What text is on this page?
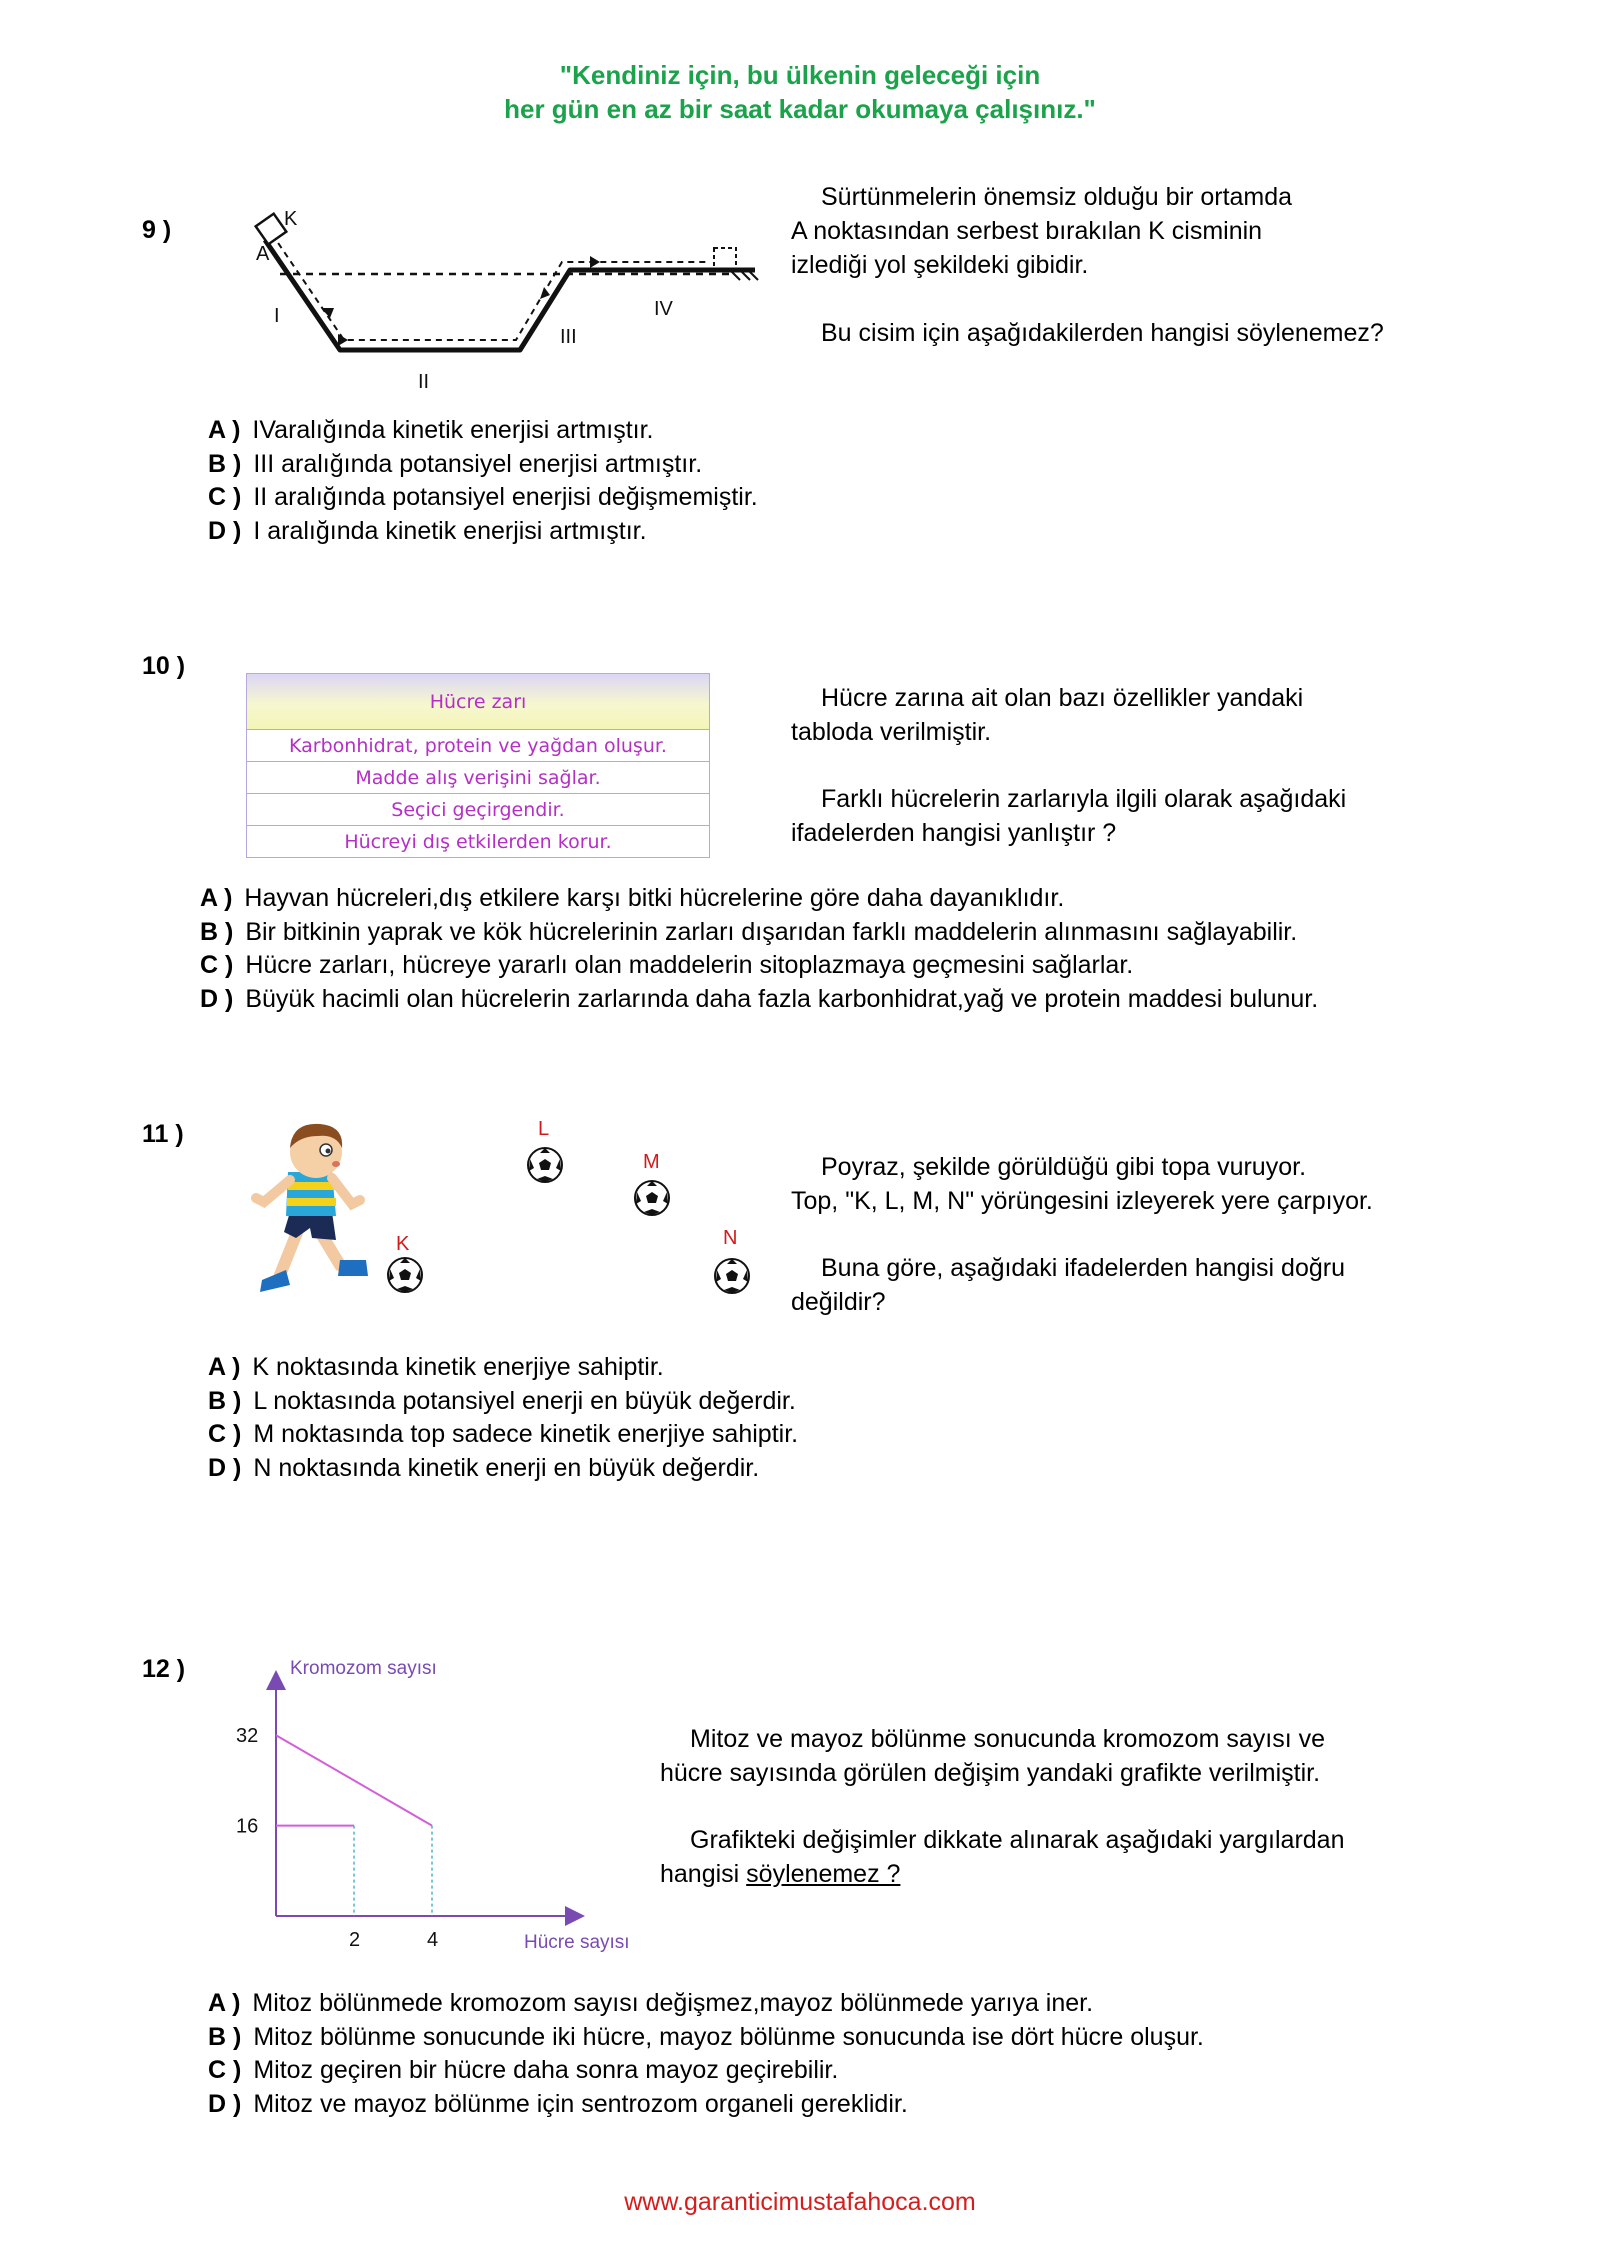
"Kendiniz için, bu ülkenin geleceği için
her gün en az bir saat kadar okumaya çalışınız."
9 )	K
A
I
II
III
IV

Sürtünmelerin önemsiz olduğu bir ortamda

A noktasından serbest bırakılan K cisminin

izlediği yol şekildeki gibidir.

Bu cisim için aşağıdakilerden hangisi söylenemez?

A ) IVaralığında kinetik enerjisi artmıştır.
B ) III aralığında potansiyel enerjisi artmıştır.
C ) II aralığında potansiyel enerjisi değişmemiştir.
D ) I aralığında kinetik enerjisi artmıştır.
10 )
Hücre zarı
Karbonhidrat, protein ve yağdan oluşur.
Madde alış verişini sağlar.
Seçici geçirgendir.
Hücreyi dış etkilerden korur.

Hücre zarına ait olan bazı özellikler yandaki

tabloda verilmiştir.

Farklı hücrelerin zarlarıyla ilgili olarak aşağıdaki

ifadelerden hangisi yanlıştır ?

A ) Hayvan hücreleri,dış etkilere karşı bitki hücrelerine göre daha dayanıklıdır.
B ) Bir bitkinin yaprak ve kök hücrelerinin zarları dışarıdan farklı maddelerin alınmasını sağlayabilir.
C ) Hücre zarları, hücreye yararlı olan maddelerin sitoplazmaya geçmesini sağlarlar.
D ) Büyük hacimli olan hücrelerin zarlarında daha fazla karbonhidrat,yağ ve protein maddesi bulunur.
11 )
K
L
M
N

Poyraz, şekilde görüldüğü gibi topa vuruyor.

Top, "K, L, M, N" yörüngesini izleyerek yere çarpıyor.

Buna göre, aşağıdaki ifadelerden hangisi doğru

değildir?

A ) K noktasında kinetik enerjiye sahiptir.
B ) L noktasında potansiyel enerji en büyük değerdir.
C ) M noktasında top sadece kinetik enerjiye sahiptir.
D ) N noktasında kinetik enerji en büyük değerdir.
12 )	Kromozom sayısı
Hücre sayısı
2	4
16
32	Mitoz ve mayoz bölünme sonucunda kromozom sayısı ve

hücre sayısında görülen değişim yandaki grafikte verilmiştir.

Grafikteki değişimler dikkate alınarak aşağıdaki yargılardan

hangisi söylenemez ?

A ) Mitoz bölünmede kromozom sayısı değişmez,mayoz bölünmede yarıya iner.
B ) Mitoz bölünme sonucunde iki hücre, mayoz bölünme sonucunda ise dört hücre oluşur.
C ) Mitoz geçiren bir hücre daha sonra mayoz geçirebilir.
D ) Mitoz ve mayoz bölünme için sentrozom organeli gereklidir.
www.garanticimustafahoca.com
